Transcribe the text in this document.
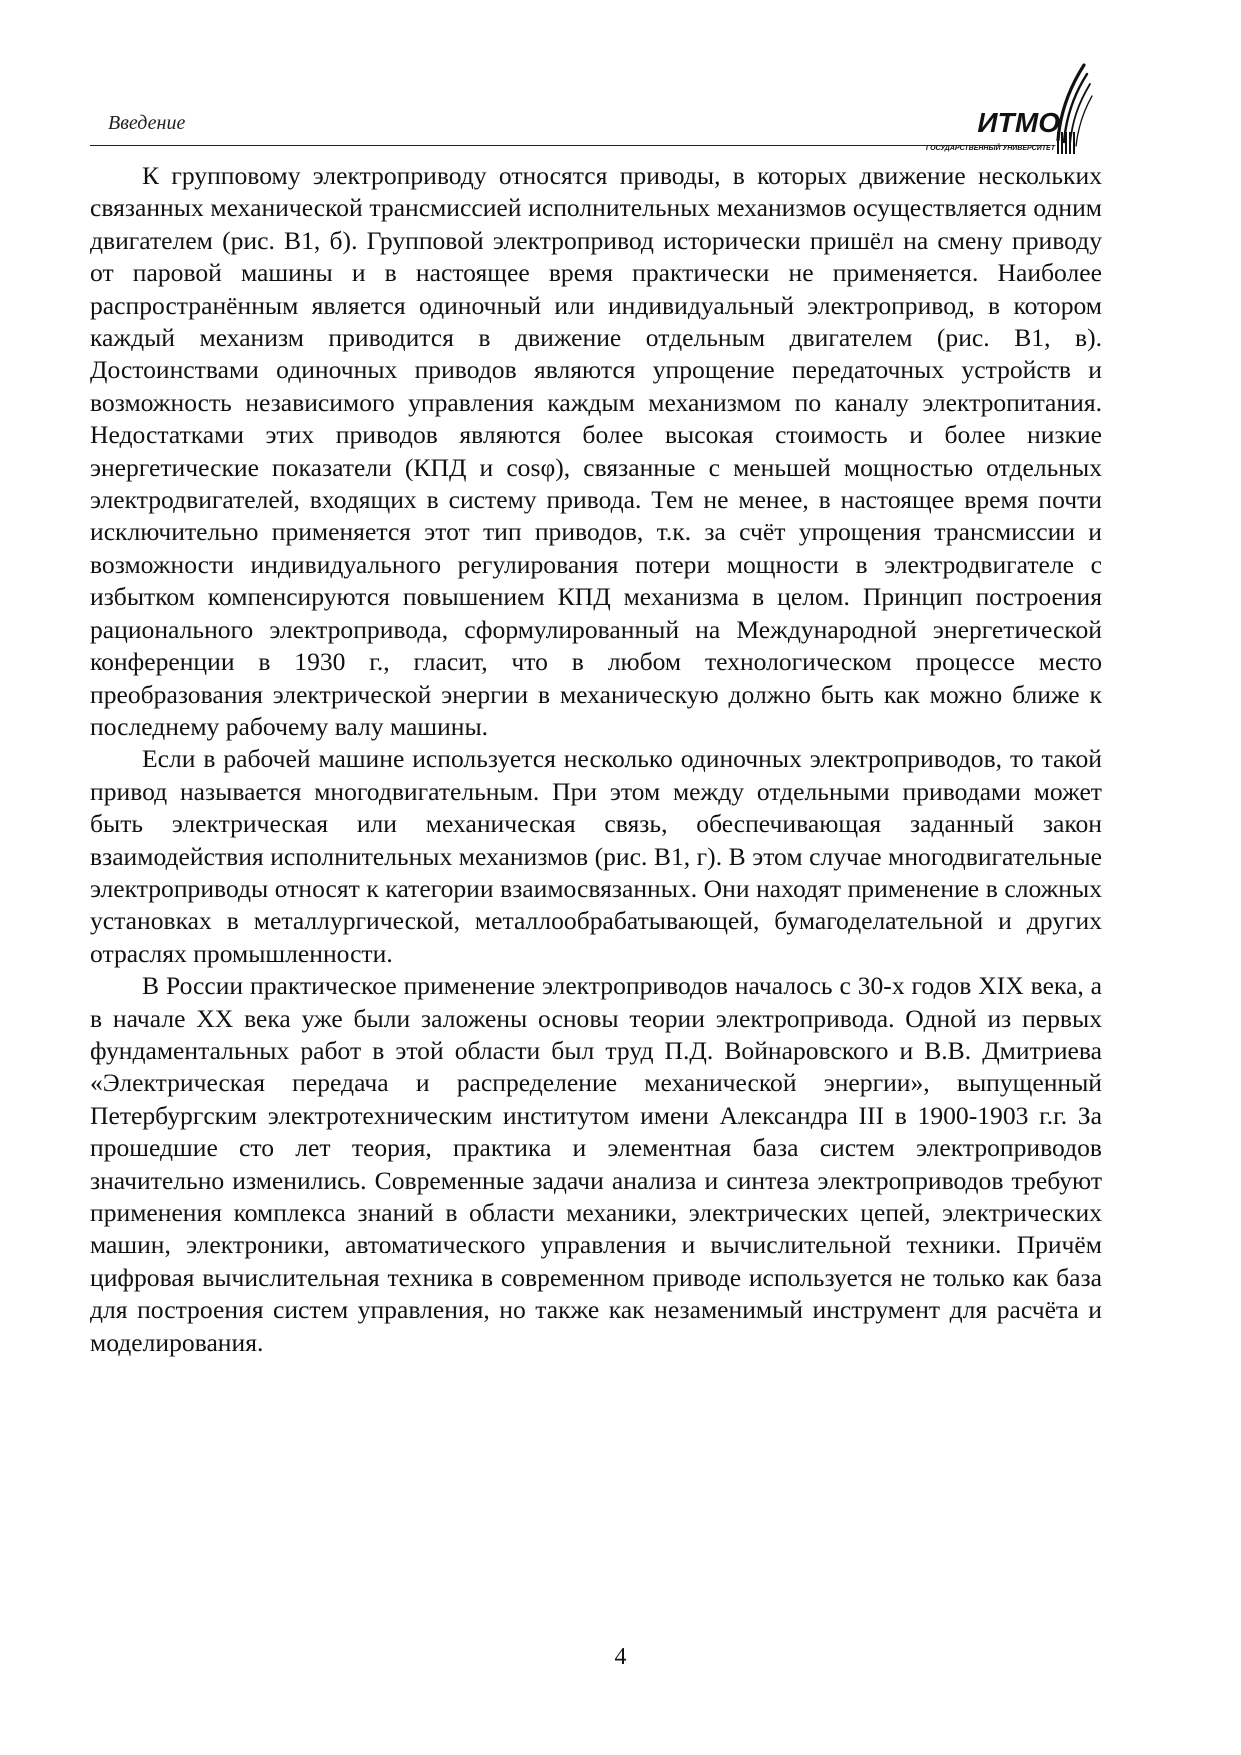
Введение	ИТМО
ГОСУДАРСТВЕННЫЙ УНИВЕРСИТЕТ

К групповому электроприводу относятся приводы, в которых движение нескольких связанных механической трансмиссией исполнительных механизмов осуществляется одним двигателем (рис. В1, б). Групповой электропривод исторически пришёл на смену приводу от паровой машины и в настоящее время практически не применяется. Наиболее распространённым является одиночный или индивидуальный электропривод, в котором каждый механизм приводится в движение отдельным двигателем (рис. В1, в). Достоинствами одиночных приводов являются упрощение передаточных устройств и возможность независимого управления каждым механизмом по каналу электропитания. Недостатками этих приводов являются более высокая стоимость и более низкие энергетические показатели (КПД и cosφ), связанные с меньшей мощностью отдельных электродвигателей, входящих в систему привода. Тем не менее, в настоящее время почти исключительно применяется этот тип приводов, т.к. за счёт упрощения трансмиссии и возможности индивидуального регулирования потери мощности в электродвигателе с избытком компенсируются повышением КПД механизма в целом. Принцип построения рационального электропривода, сформулированный на Международной энергетической конференции в 1930 г., гласит, что в любом технологическом процессе место преобразования электрической энергии в механическую должно быть как можно ближе к последнему рабочему валу машины.

Если в рабочей машине используется несколько одиночных электроприводов, то такой привод называется многодвигательным. При этом между отдельными приводами может быть электрическая или механическая связь, обеспечивающая заданный закон взаимодействия исполнительных механизмов (рис. В1, г). В этом случае многодвигательные электроприводы относят к категории взаимосвязанных. Они находят применение в сложных установках в металлургической, металлообрабатывающей, бумагоделательной и других отраслях промышленности.

В России практическое применение электроприводов началось с 30-х годов XIX века, а в начале XX века уже были заложены основы теории электропривода. Одной из первых фундаментальных работ в этой области был труд П.Д. Войнаровского и В.В. Дмитриева «Электрическая передача и распределение механической энергии», выпущенный Петербургским электротехническим институтом имени Александра III в 1900-1903 г.г. За прошедшие сто лет теория, практика и элементная база систем электроприводов значительно изменились. Современные задачи анализа и синтеза электроприводов требуют применения комплекса знаний в области механики, электрических цепей, электрических машин, электроники, автоматического управления и вычислительной техники. Причём цифровая вычислительная техника в современном приводе используется не только как база для построения систем управления, но также как незаменимый инструмент для расчёта и моделирования.

4
